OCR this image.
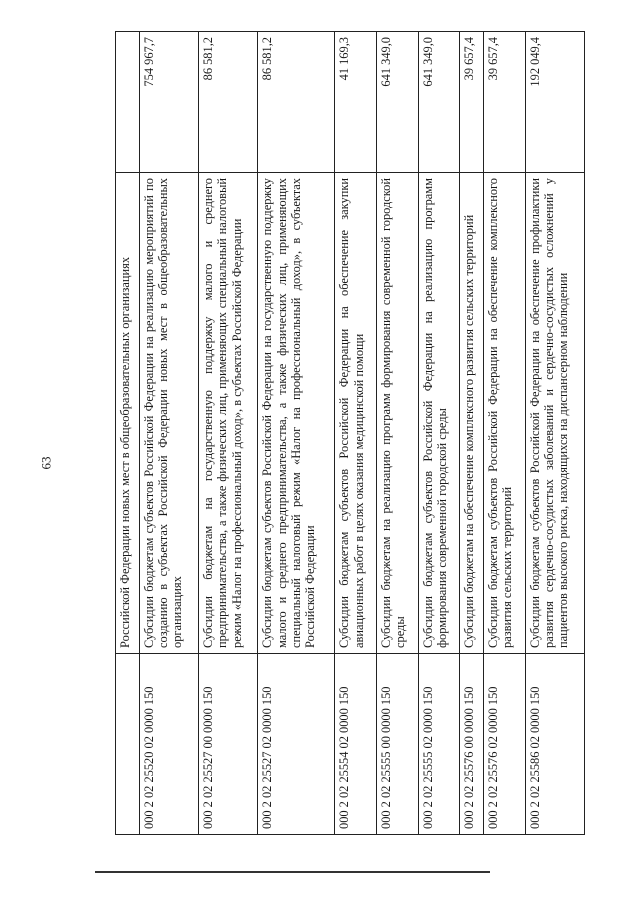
63
		Российской Федерации новых мест в общеобразовательных организациях	
000 2 02 25520 02 0000 150	Субсидии бюджетам субъектов Российской Федерации на реализацию мероприятий по созданию в субъектах Российской Федерации новых мест в общеобразовательных организациях	754 967,7
000 2 02 25527 00 0000 150	Субсидии бюджетам на государственную поддержку малого и среднего предпринимательства, а также физических лиц, применяющих специальный налоговый режим «Налог на профессиональный доход», в субъектах Российской Федерации	86 581,2
000 2 02 25527 02 0000 150	Субсидии бюджетам субъектов Российской Федерации на государственную поддержку малого и среднего предпринимательства, а также физических лиц, применяющих специальный налоговый режим «Налог на профессиональный доход», в субъектах Российской Федерации	86 581,2
000 2 02 25554 02 0000 150	Субсидии бюджетам субъектов Российской Федерации на обеспечение закупки авиационных работ в целях оказания медицинской помощи	41 169,3
000 2 02 25555 00 0000 150	Субсидии бюджетам на реализацию программ формирования современной городской среды	641 349,0
000 2 02 25555 02 0000 150	Субсидии бюджетам субъектов Российской Федерации на реализацию программ формирования современной городской среды	641 349,0
000 2 02 25576 00 0000 150	Субсидии бюджетам на обеспечение комплексного развития сельских территорий	39 657,4
000 2 02 25576 02 0000 150	Субсидии бюджетам субъектов Российской Федерации на обеспечение комплексного развития сельских территорий	39 657,4
000 2 02 25586 02 0000 150	Субсидии бюджетам субъектов Российской Федерации на обеспечение профилактики развития сердечно-сосудистых заболеваний и сердечно-сосудистых осложнений у пациентов высокого риска, находящихся на диспансерном наблюдении	192 049,4
